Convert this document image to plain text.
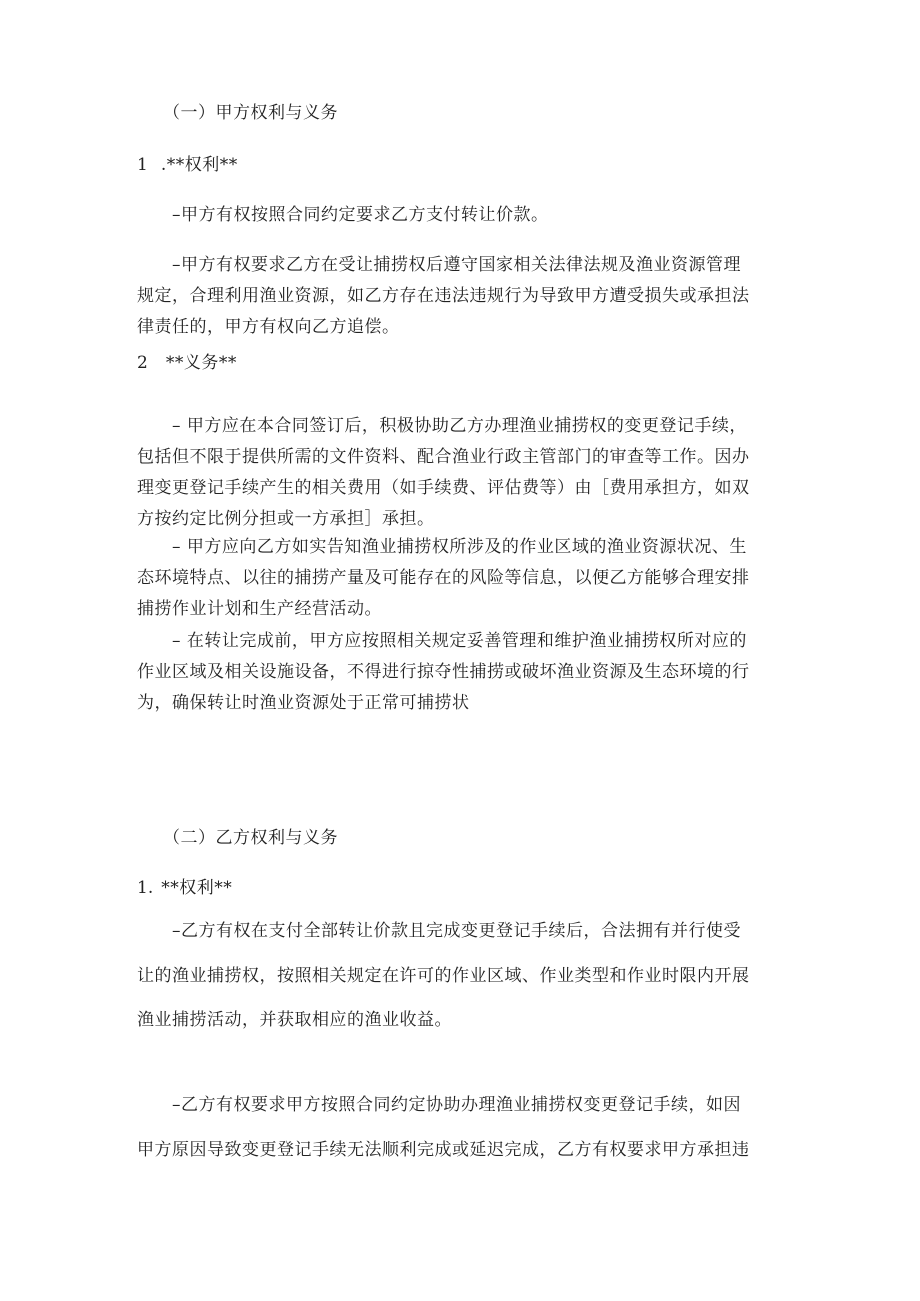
（一）甲方权利与义务
1 .**权利**
–甲方有权按照合同约定要求乙方支付转让价款。
–甲方有权要求乙方在受让捕捞权后遵守国家相关法律法规及渔业资源管理
规定，合理利用渔业资源，如乙方存在违法违规行为导致甲方遭受损失或承担法
律责任的，甲方有权向乙方追偿。
2 **义务**
– 甲方应在本合同签订后，积极协助乙方办理渔业捕捞权的变更登记手续，
包括但不限于提供所需的文件资料、配合渔业行政主管部门的审查等工作。因办
理变更登记手续产生的相关费用（如手续费、评估费等）由［费用承担方，如双
方按约定比例分担或一方承担］承担。
– 甲方应向乙方如实告知渔业捕捞权所涉及的作业区域的渔业资源状况、生
态环境特点、以往的捕捞产量及可能存在的风险等信息，以便乙方能够合理安排
捕捞作业计划和生产经营活动。
– 在转让完成前，甲方应按照相关规定妥善管理和维护渔业捕捞权所对应的
作业区域及相关设施设备，不得进行掠夺性捕捞或破坏渔业资源及生态环境的行
为，确保转让时渔业资源处于正常可捕捞状
（二）乙方权利与义务
1. **权利**
–乙方有权在支付全部转让价款且完成变更登记手续后，合法拥有并行使受
让的渔业捕捞权，按照相关规定在许可的作业区域、作业类型和作业时限内开展
渔业捕捞活动，并获取相应的渔业收益。
–乙方有权要求甲方按照合同约定协助办理渔业捕捞权变更登记手续，如因
甲方原因导致变更登记手续无法顺利完成或延迟完成，乙方有权要求甲方承担违
